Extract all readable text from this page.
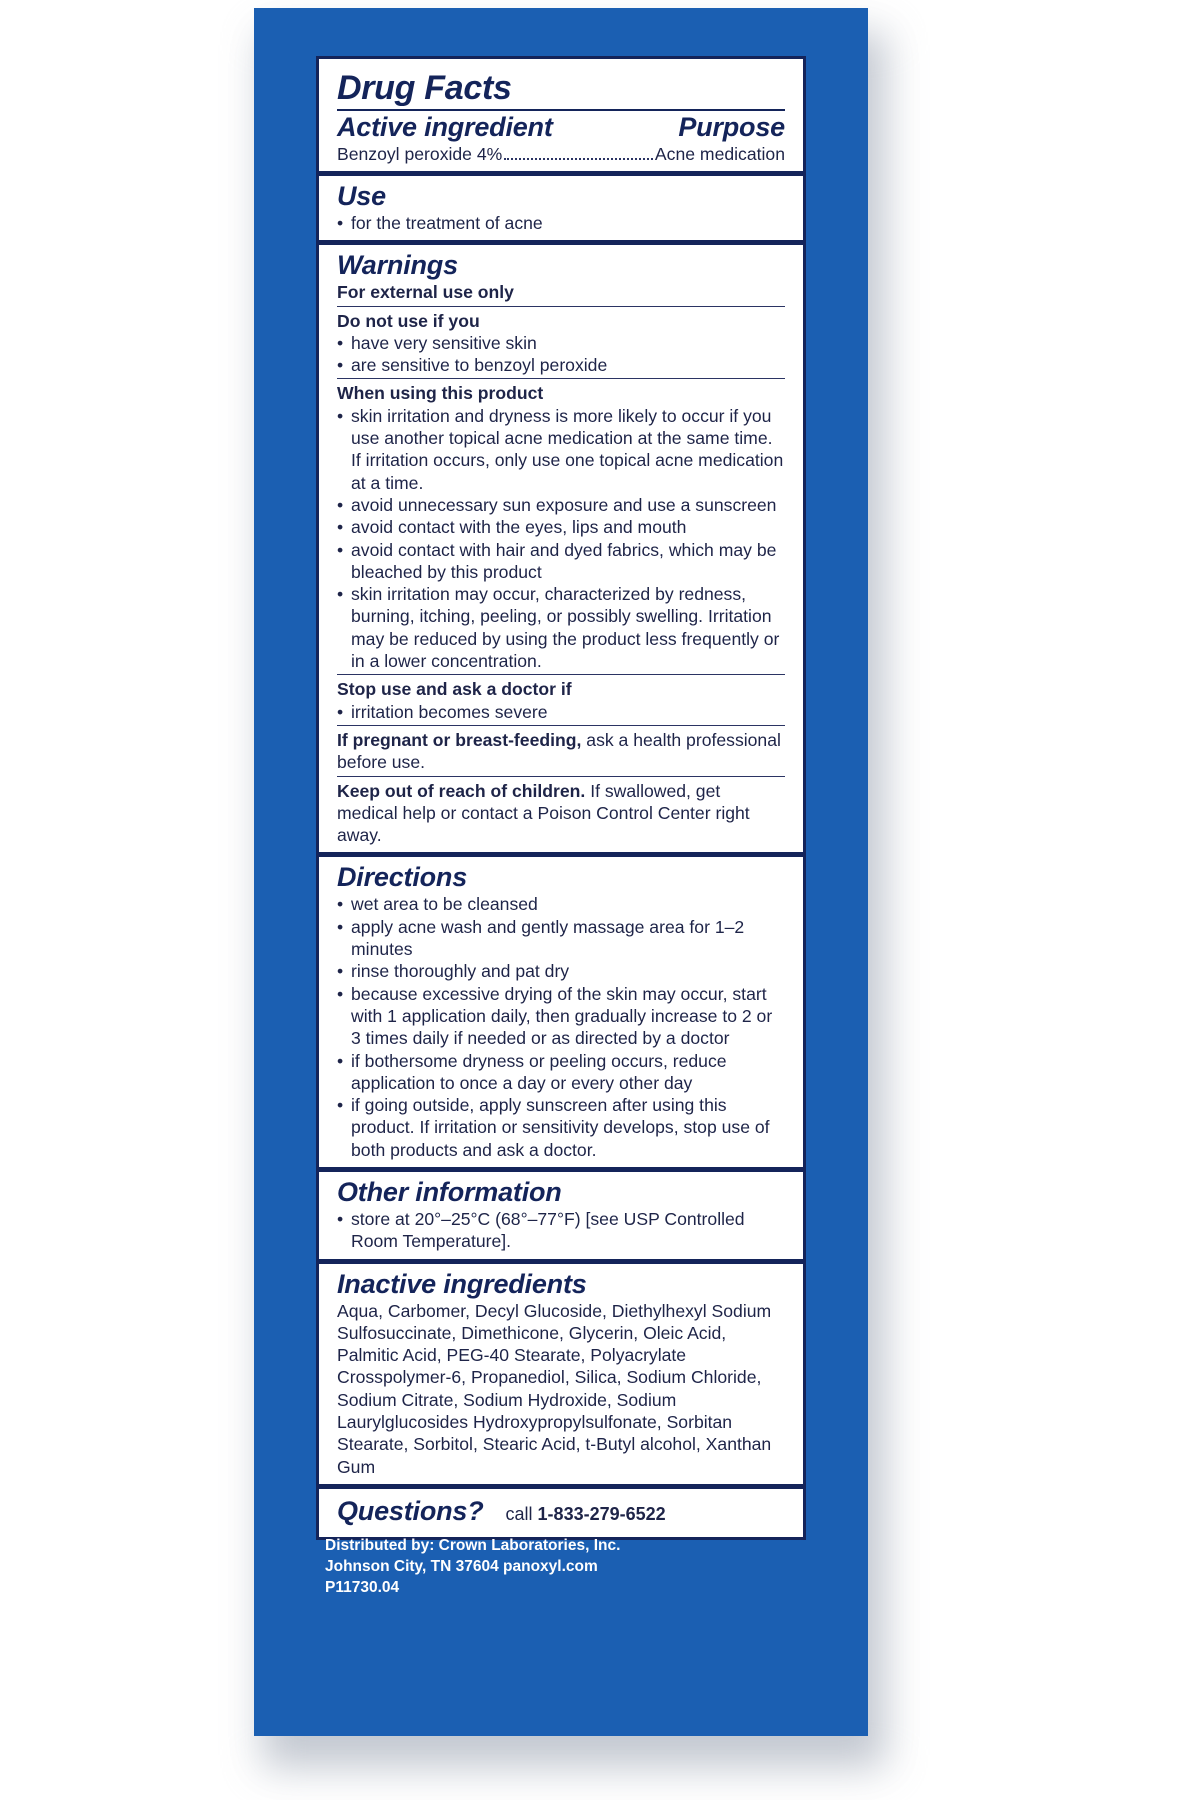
Drug Facts
Active ingredient	Purpose
Benzoyl peroxide 4%	Acne medication
Use
• for the treatment of acne
Warnings
For external use only
Do not use if you
• have very sensitive skin
• are sensitive to benzoyl peroxide
When using this product
• skin irritation and dryness is more likely to occur if you use another topical acne medication at the same time. If irritation occurs, only use one topical acne medication at a time.
• avoid unnecessary sun exposure and use a sunscreen
• avoid contact with the eyes, lips and mouth
• avoid contact with hair and dyed fabrics, which may be bleached by this product
• skin irritation may occur, characterized by redness, burning, itching, peeling, or possibly swelling. Irritation may be reduced by using the product less frequently or in a lower concentration.
Stop use and ask a doctor if
• irritation becomes severe
If pregnant or breast-feeding, ask a health professional before use.
Keep out of reach of children. If swallowed, get medical help or contact a Poison Control Center right away.
Directions
• wet area to be cleansed
• apply acne wash and gently massage area for 1–2 minutes
• rinse thoroughly and pat dry
• because excessive drying of the skin may occur, start with 1 application daily, then gradually increase to 2 or 3 times daily if needed or as directed by a doctor
• if bothersome dryness or peeling occurs, reduce application to once a day or every other day
• if going outside, apply sunscreen after using this product. If irritation or sensitivity develops, stop use of both products and ask a doctor.
Other information
• store at 20°–25°C (68°–77°F) [see USP Controlled Room Temperature].
Inactive ingredients
Aqua, Carbomer, Decyl Glucoside, Diethylhexyl Sodium Sulfosuccinate, Dimethicone, Glycerin, Oleic Acid, Palmitic Acid, PEG-40 Stearate, Polyacrylate Crosspolymer-6, Propanediol, Silica, Sodium Chloride, Sodium Citrate, Sodium Hydroxide, Sodium Laurylglucosides Hydroxypropylsulfonate, Sorbitan Stearate, Sorbitol, Stearic Acid, t-Butyl alcohol, Xanthan Gum
Questions? call 1-833-279-6522
Distributed by: Crown Laboratories, Inc.
Johnson City, TN 37604 panoxyl.com
P11730.04
